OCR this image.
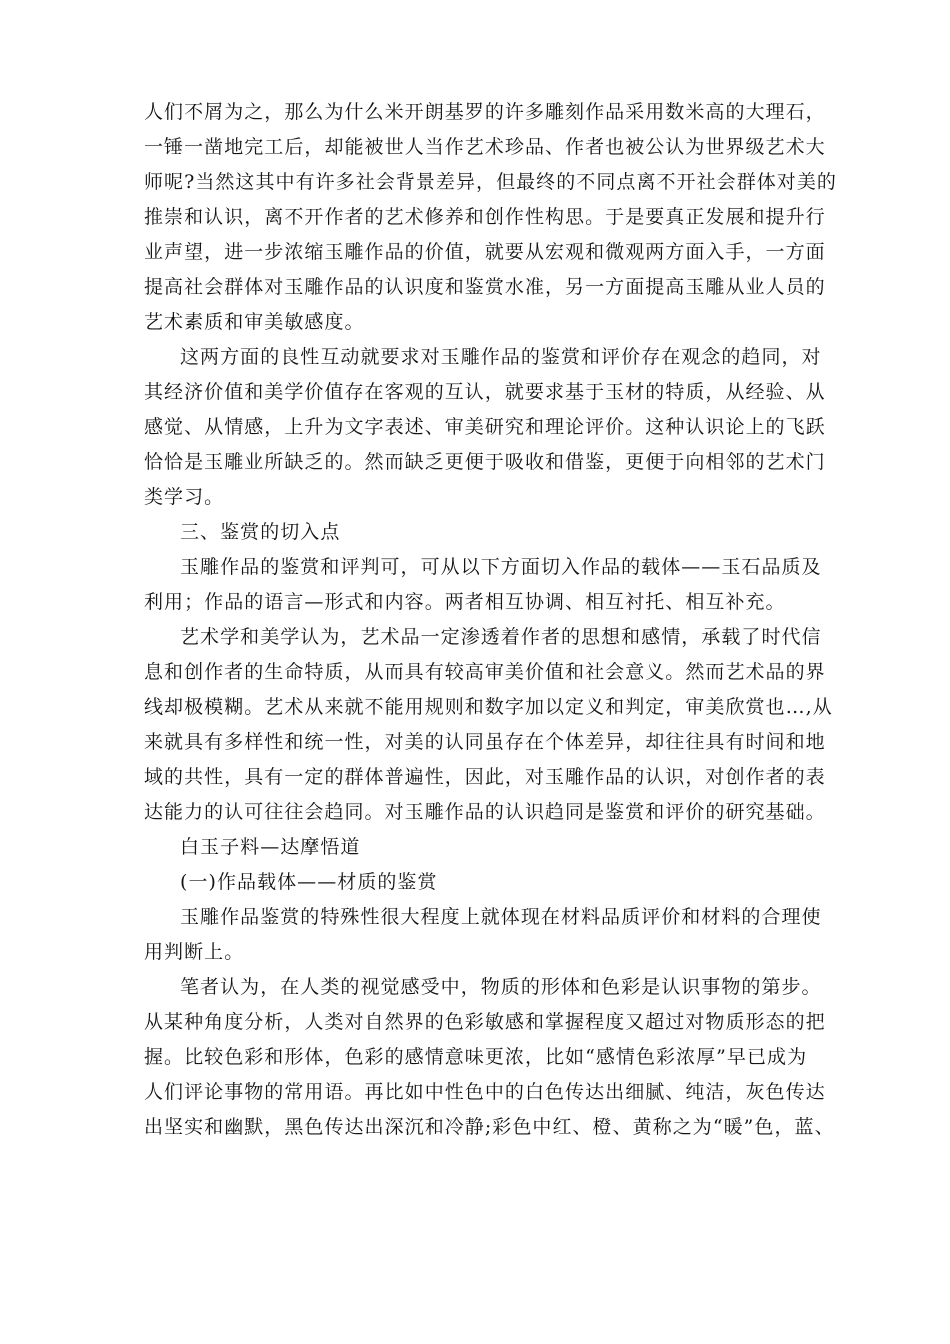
人们不屑为之，那么为什么米开朗基罗的许多雕刻作品采用数米高的大理石，
一锤一凿地完工后，却能被世人当作艺术珍品、作者也被公认为世界级艺术大
师呢?当然这其中有许多社会背景差异，但最终的不同点离不开社会群体对美的
推崇和认识，离不开作者的艺术修养和创作性构思。于是要真正发展和提升行
业声望，进一步浓缩玉雕作品的价值，就要从宏观和微观两方面入手，一方面
提高社会群体对玉雕作品的认识度和鉴赏水准，另一方面提高玉雕从业人员的
艺术素质和审美敏感度。
这两方面的良性互动就要求对玉雕作品的鉴赏和评价存在观念的趋同，对
其经济价值和美学价值存在客观的互认，就要求基于玉材的特质，从经验、从
感觉、从情感，上升为文字表述、审美研究和理论评价。这种认识论上的飞跃
恰恰是玉雕业所缺乏的。然而缺乏更便于吸收和借鉴，更便于向相邻的艺术门
类学习。
三、鉴赏的切入点
玉雕作品的鉴赏和评判可，可从以下方面切入作品的载体——玉石品质及
利用；作品的语言—形式和内容。两者相互协调、相互衬托、相互补充。
艺术学和美学认为，艺术品一定渗透着作者的思想和感情，承载了时代信
息和创作者的生命特质，从而具有较高审美价值和社会意义。然而艺术品的界
线却极模糊。艺术从来就不能用规则和数字加以定义和判定，审美欣赏也…,从
来就具有多样性和统一性，对美的认同虽存在个体差异，却往往具有时间和地
域的共性，具有一定的群体普遍性，因此，对玉雕作品的认识，对创作者的表
达能力的认可往往会趋同。对玉雕作品的认识趋同是鉴赏和评价的研究基础。
白玉子料—达摩悟道
(一)作品载体——材质的鉴赏
玉雕作品鉴赏的特殊性很大程度上就体现在材料品质评价和材料的合理使
用判断上。
笔者认为，在人类的视觉感受中，物质的形体和色彩是认识事物的第步。
从某种角度分析，人类对自然界的色彩敏感和掌握程度又超过对物质形态的把
握。比较色彩和形体，色彩的感情意味更浓，比如“感情色彩浓厚”早已成为
人们评论事物的常用语。再比如中性色中的白色传达出细腻、纯洁，灰色传达
出坚实和幽默，黑色传达出深沉和冷静;彩色中红、橙、黄称之为“暖”色，蓝、
